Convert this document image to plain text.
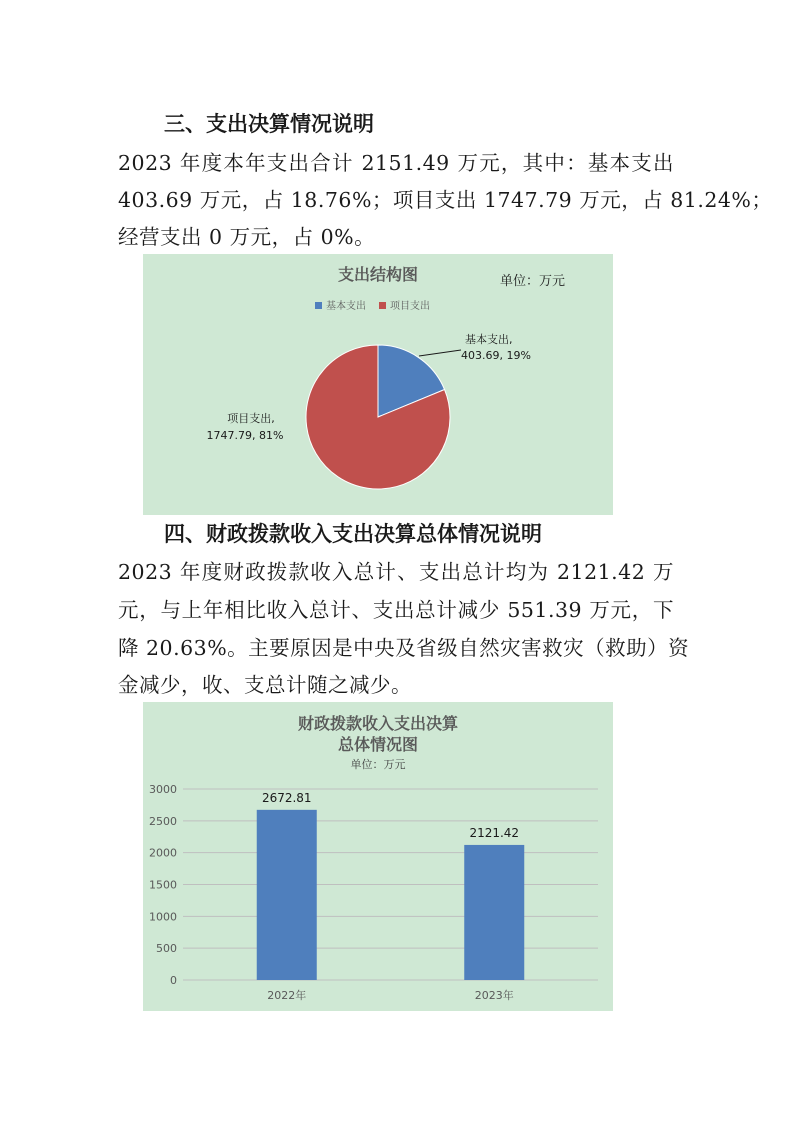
三、支出决算情况说明

2023 年度本年支出合计 2151.49 万元，其中：基本支出

403.69 万元，占 18.76%；项目支出 1747.79 万元，占 81.24%；

经营支出 0 万元，占 0%。

支出结构图	单位：万元
基本支出 项目支出
基本支出,
403.69, 19%
项目支出,
1747.79, 81%
四、财政拨款收入支出决算总体情况说明

2023 年度财政拨款收入总计、支出总计均为 2121.42 万

元，与上年相比收入总计、支出总计减少 551.39 万元，下

降 20.63%。主要原因是中央及省级自然灾害救灾（救助）资

金减少，收、支总计随之减少。

财政拨款收入支出决算
总体情况图
单位：万元
0
500
1000
1500
2000
2500
3000
2672.81
2121.42
2022年	2023年
